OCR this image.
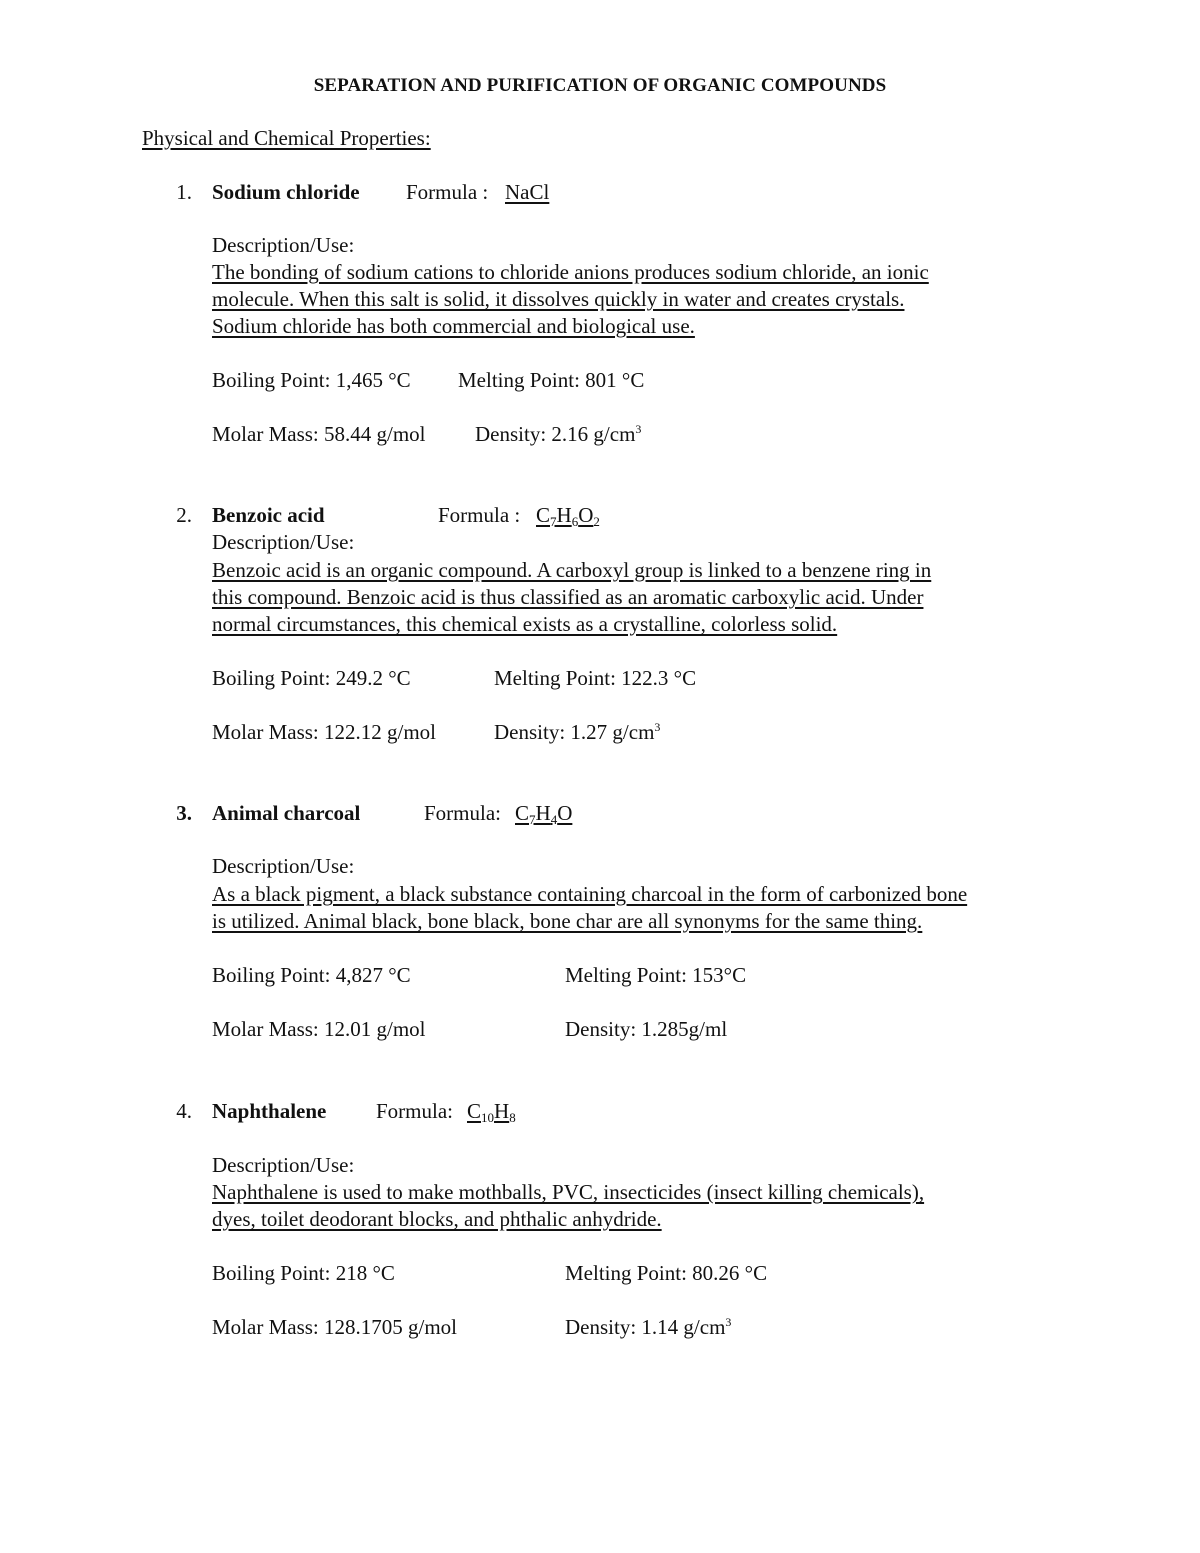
SEPARATION AND PURIFICATION OF ORGANIC COMPOUNDS
Physical and Chemical Properties:
1. Sodium chloride Formula : NaCl
Description/Use:
The bonding of sodium cations to chloride anions produces sodium chloride, an ionic
molecule. When this salt is solid, it dissolves quickly in water and creates crystals.
Sodium chloride has both commercial and biological use.
Boiling Point: 1,465 °C Melting Point: 801 °C
Molar Mass: 58.44 g/mol Density: 2.16 $g/cm^3$
2. Benzoic acid	Formula : $C_7H_6O_2$
Description/Use:
Benzoic acid is an organic compound. A carboxyl group is linked to a benzene ring in
this compound. Benzoic acid is thus classified as an aromatic carboxylic acid. Under
normal circumstances, this chemical exists as a crystalline, colorless solid.
Boiling Point: 249.2 °C	Melting Point: 122.3 °C
Molar Mass: 122.12 g/mol	Density: 1.27 $g/cm^3$
3. Animal charcoal	Formula: $C_7H_4O$
Description/Use:
As a black pigment, a black substance containing charcoal in the form of carbonized bone
is utilized. Animal black, bone black, bone char are all synonyms for the same thing.
Boiling Point: 4,827 °C	Melting Point: 153°C
Molar Mass: 12.01 g/mol	Density: 1.285g/ml
4. Naphthalene Formula: $C_{10}H_8$
Description/Use:
Naphthalene is used to make mothballs, PVC, insecticides (insect killing chemicals),
dyes, toilet deodorant blocks, and phthalic anhydride.
Boiling Point: 218 °C	Melting Point: 80.26 °C
Molar Mass: 128.1705 g/mol	Density: 1.14 $g/cm^3$
